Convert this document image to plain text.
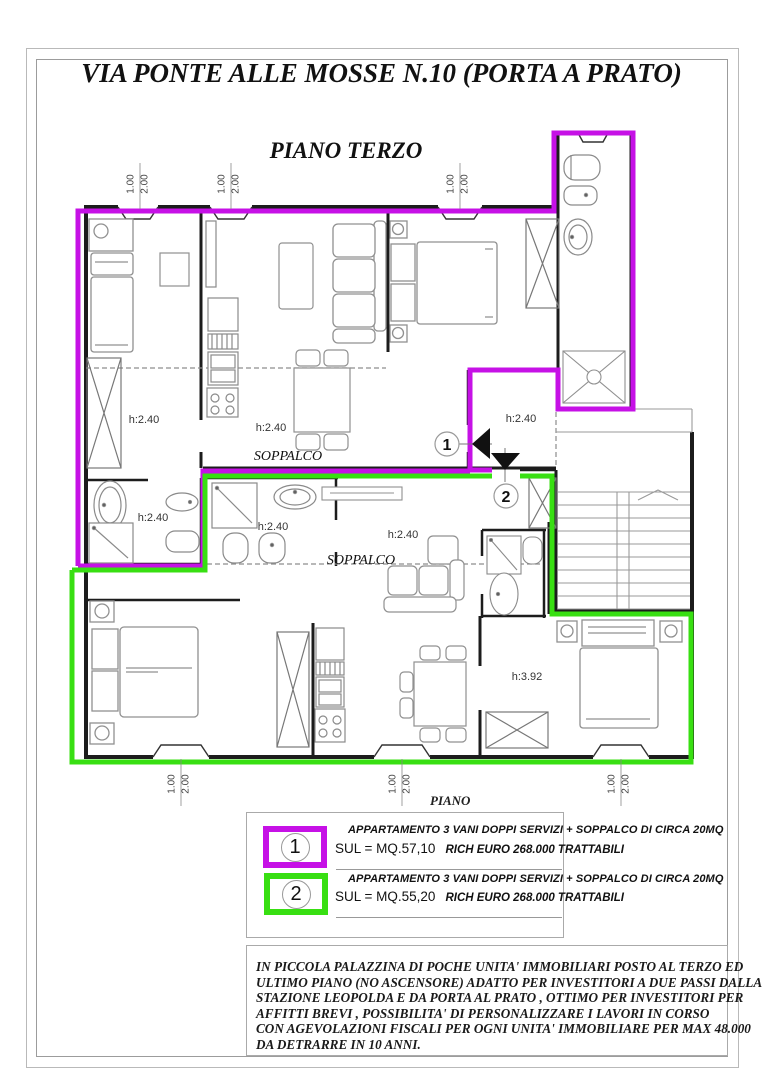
VIA PONTE ALLE MOSSE N.10 (PORTA A PRATO)
PIANO TERZO
1
2
h:2.40
h:2.40
h:2.40
SOPPALCO
h:2.40
h:2.40
h:2.40
SOPPALCO
h:3.92
1.00 2.00	1.00 2.00	1.00 2.00
1.00 2.00	1.00 2.00	1.00 2.00
PIANO
1
APPARTAMENTO 3 VANI DOPPI SERVIZI + SOPPALCO DI CIRCA 20MQ
SUL = MQ.57,10 RICH EURO 268.000 TRATTABILI
2
APPARTAMENTO 3 VANI DOPPI SERVIZI + SOPPALCO DI CIRCA 20MQ
SUL = MQ.55,20 RICH EURO 268.000 TRATTABILI
IN PICCOLA PALAZZINA DI POCHE UNITA' IMMOBILIARI POSTO AL TERZO ED
ULTIMO PIANO (NO ASCENSORE) ADATTO PER INVESTITORI A DUE PASSI DALLA
STAZIONE LEOPOLDA E DA PORTA AL PRATO , OTTIMO PER INVESTITORI PER
AFFITTI BREVI , POSSIBILITA' DI PERSONALIZZARE I LAVORI IN CORSO
CON AGEVOLAZIONI FISCALI PER OGNI UNITA' IMMOBILIARE PER MAX 48.000
DA DETRARRE IN 10 ANNI.
